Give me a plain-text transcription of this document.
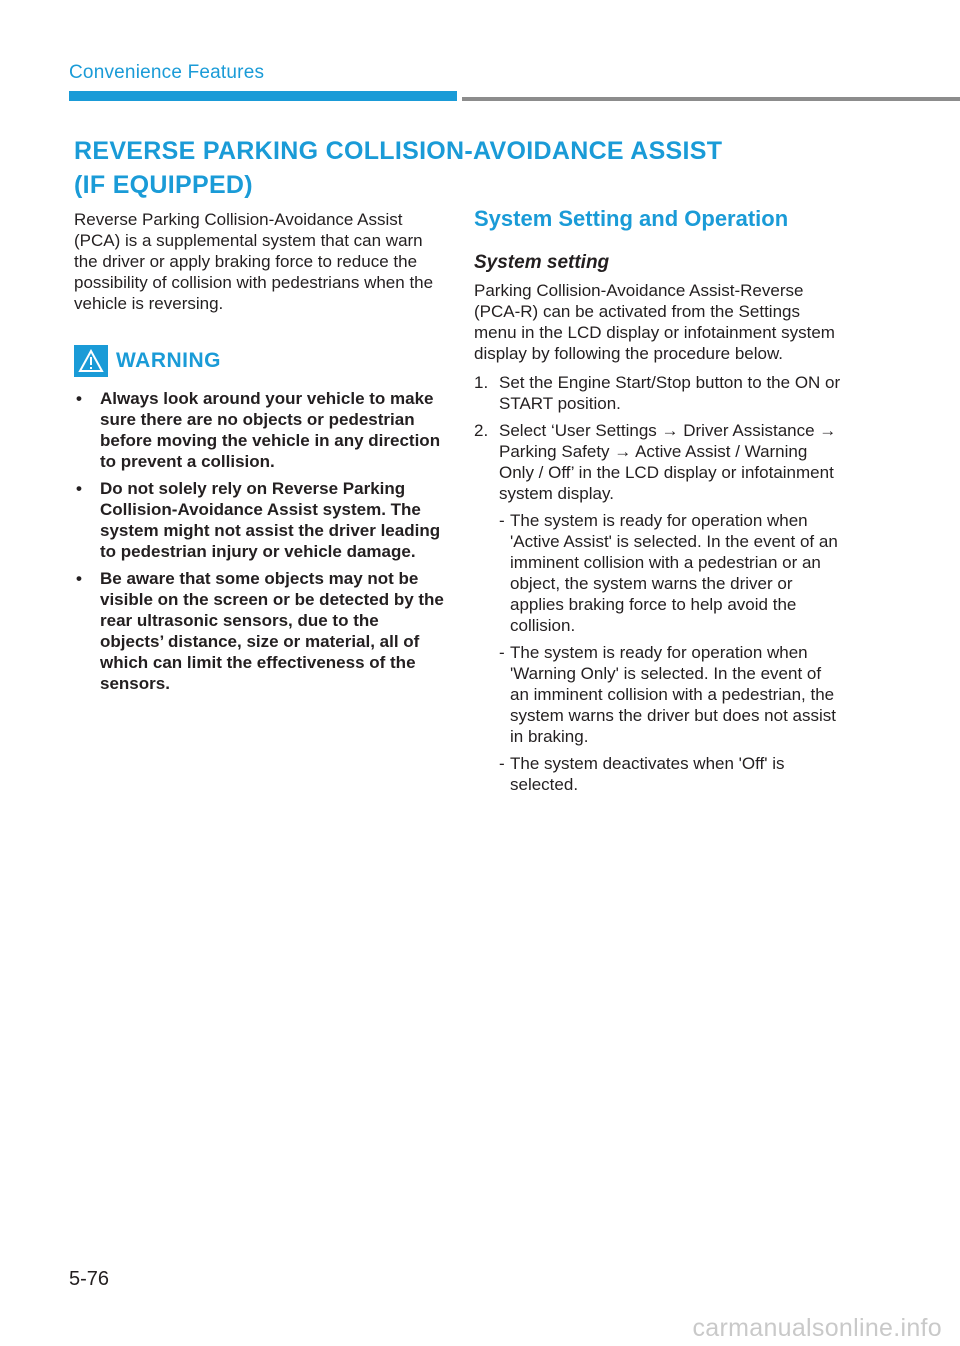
Convenience Features
REVERSE PARKING COLLISION-AVOIDANCE ASSIST
(IF EQUIPPED)

Reverse Parking Collision-Avoidance Assist (PCA) is a supplemental system that can warn the driver or apply braking force to reduce the possibility of collision with pedestrians when the vehicle is reversing.

WARNING
• Always look around your vehicle to make sure there are no objects or pedestrian before moving the vehicle in any direction to prevent a collision.
• Do not solely rely on Reverse Parking Collision-Avoidance Assist system. The system might not assist the driver leading to pedestrian injury or vehicle damage.
• Be aware that some objects may not be visible on the screen or be detected by the rear ultrasonic sensors, due to the objects’ distance, size or material, all of which can limit the effectiveness of the sensors.
System Setting and Operation
System setting

Parking Collision-Avoidance Assist-Reverse (PCA-R) can be activated from the Settings menu in the LCD display or infotainment system display by following the procedure below.

1. Set the Engine Start/Stop button to the ON or START position.
2. Select ‘User Settings → Driver Assistance → Parking Safety → Active Assist / Warning Only / Off’ in the LCD display or infotainment system display.
- The system is ready for operation when 'Active Assist' is selected. In the event of an imminent collision with a pedestrian or an object, the system warns the driver or applies braking force to help avoid the collision.
- The system is ready for operation when 'Warning Only' is selected. In the event of an imminent collision with a pedestrian, the system warns the driver but does not assist in braking.
- The system deactivates when 'Off' is selected.
5-76
carmanualsonline.info
